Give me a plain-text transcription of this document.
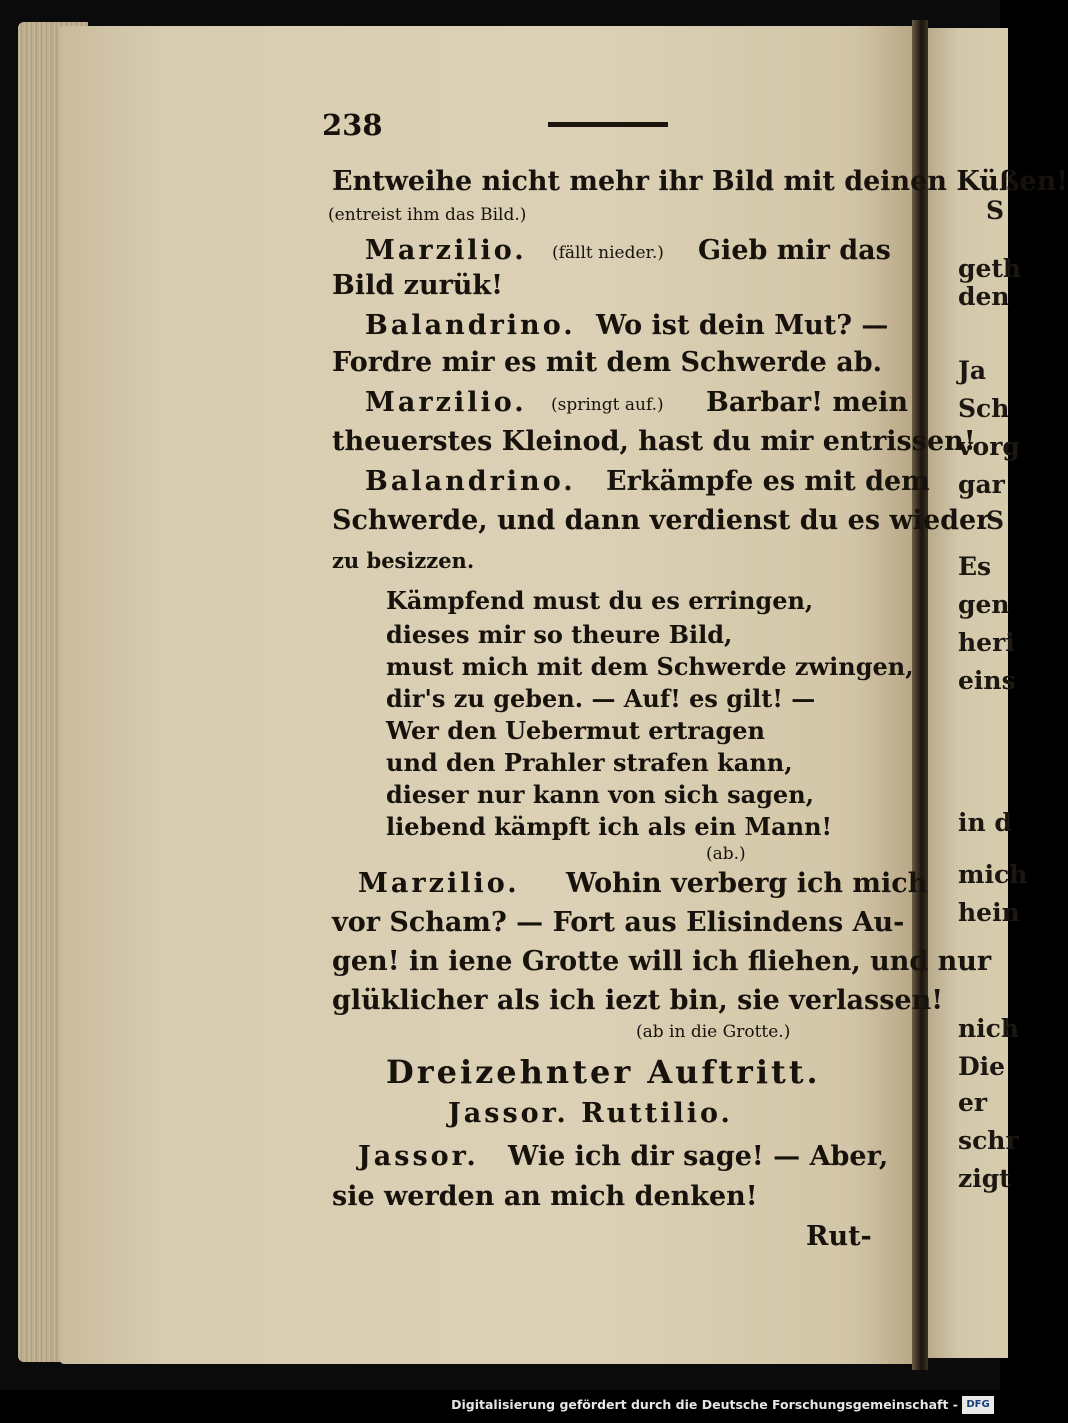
S
geth
den
Ja
Sch
vorg
gar
S
Es
gen
heri
eins
in d
mich
hein
nich
Die
er
schr
zigt
238
Entweihe nicht mehr ihr Bild mit deinen Küßen!
(entreist ihm das Bild.)
Marzilio. (fällt nieder.) Gieb mir das
Bild zurük!
Balandrino. Wo ist dein Mut? —
Fordre mir es mit dem Schwerde ab.
Marzilio. (springt auf.) Barbar! mein
theuerstes Kleinod, hast du mir entrissen!
Balandrino. Erkämpfe es mit dem
Schwerde, und dann verdienst du es wieder
zu besizzen.
Kämpfend must du es erringen,
dieses mir so theure Bild,
must mich mit dem Schwerde zwingen,
dir's zu geben. — Auf! es gilt! —
Wer den Uebermut ertragen
und den Prahler strafen kann,
dieser nur kann von sich sagen,
liebend kämpft ich als ein Mann!
(ab.)
Marzilio. Wohin verberg ich mich
vor Scham? — Fort aus Elisindens Au-
gen! in iene Grotte will ich fliehen, und nur
glüklicher als ich iezt bin, sie verlassen!
(ab in die Grotte.)
Dreizehnter Auftritt.
Jassor. Ruttilio.
Jassor. Wie ich dir sage! — Aber,
sie werden an mich denken!
Rut-
Digitalisierung gefördert durch die Deutsche Forschungsgemeinschaft - DFG
